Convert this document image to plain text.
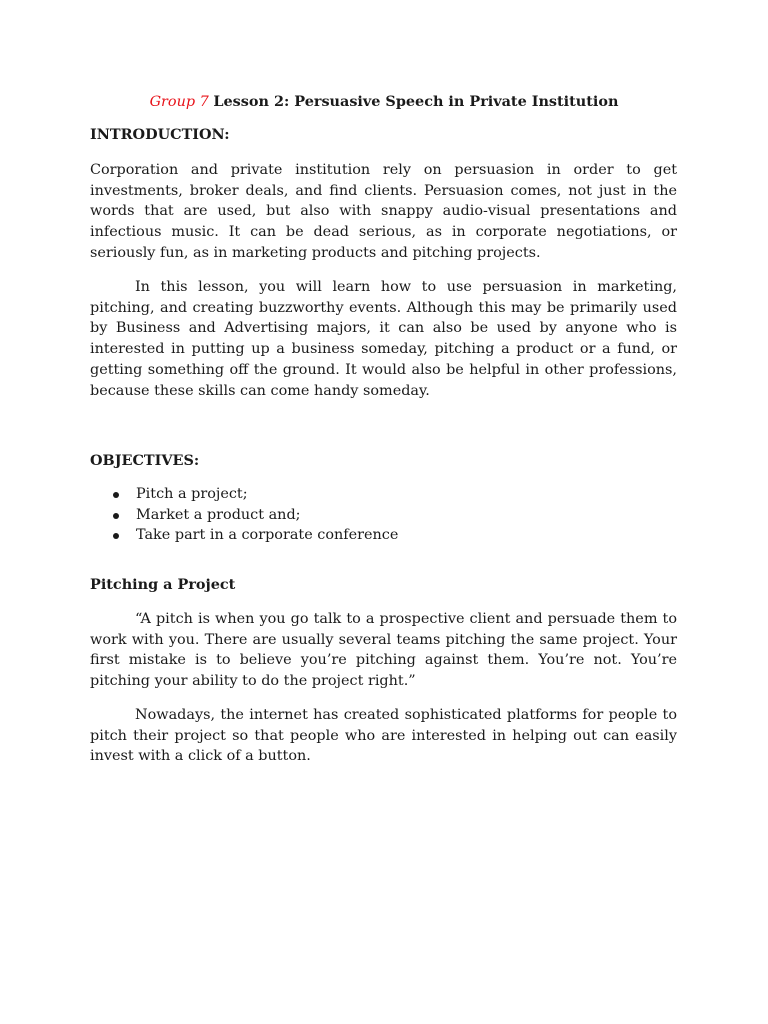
Group 7 Lesson 2: Persuasive Speech in Private Institution
INTRODUCTION:

Corporation and private institution rely on persuasion in order to get investments, broker deals, and find clients. Persuasion comes, not just in the words that are used, but also with snappy audio-visual presentations and infectious music. It can be dead serious, as in corporate negotiations, or seriously fun, as in marketing products and pitching projects.

In this lesson, you will learn how to use persuasion in marketing, pitching, and creating buzzworthy events. Although this may be primarily used by Business and Advertising majors, it can also be used by anyone who is interested in putting up a business someday, pitching a product or a fund, or getting something off the ground. It would also be helpful in other professions, because these skills can come handy someday.

OBJECTIVES:
Pitch a project;
Market a product and;
Take part in a corporate conference
Pitching a Project

“A pitch is when you go talk to a prospective client and persuade them to work with you. There are usually several teams pitching the same project. Your first mistake is to believe you’re pitching against them. You’re not. You’re pitching your ability to do the project right.”

Nowadays, the internet has created sophisticated platforms for people to pitch their project so that people who are interested in helping out can easily invest with a click of a button.
